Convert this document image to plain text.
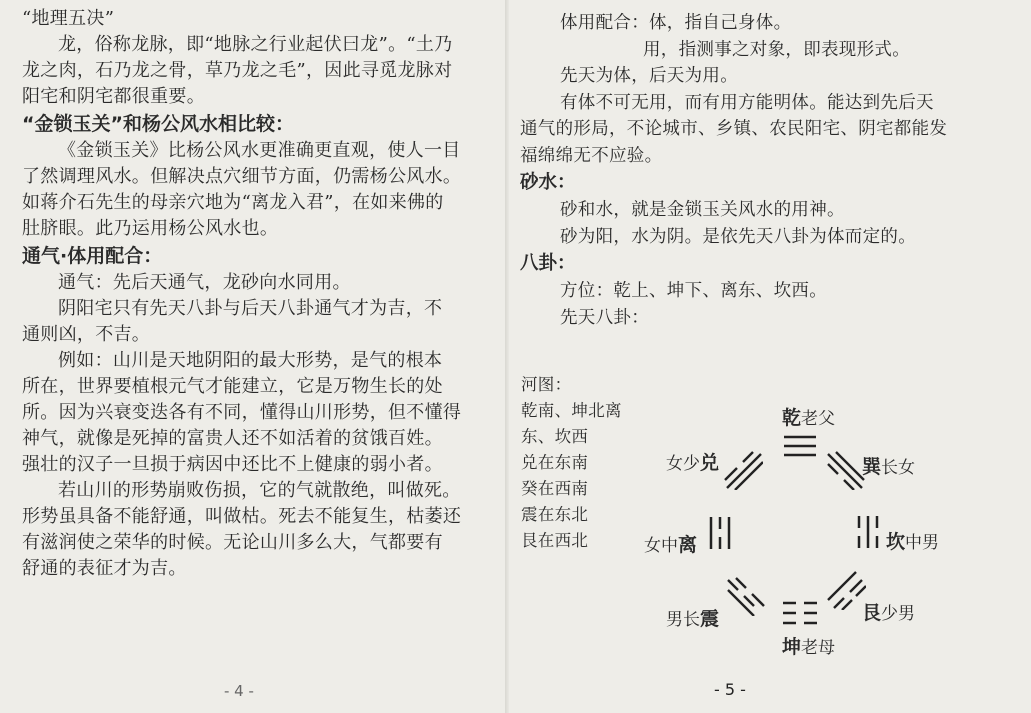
“地理五决”
龙，俗称龙脉，即“地脉之行业起伏曰龙”。“土乃
龙之肉，石乃龙之骨，草乃龙之毛”，因此寻觅龙脉对
阳宅和阴宅都很重要。
“金锁玉关”和杨公风水相比较：
《金锁玉关》比杨公风水更准确更直观，使人一目
了然调理风水。但解决点穴细节方面，仍需杨公风水。
如蒋介石先生的母亲穴地为“离龙入君”，在如来佛的
肚脐眼。此乃运用杨公风水也。
通气·体用配合：
通气：先后天通气，龙砂向水同用。
阴阳宅只有先天八卦与后天八卦通气才为吉，不
通则凶，不吉。
例如：山川是天地阴阳的最大形势，是气的根本
所在，世界要植根元气才能建立，它是万物生长的处
所。因为兴衰变迭各有不同，懂得山川形势，但不懂得
神气，就像是死掉的富贵人还不如活着的贫饿百姓。
强壮的汉子一旦损于病因中还比不上健康的弱小者。
若山川的形势崩败伤损，它的气就散绝，叫做死。
形势虽具备不能舒通，叫做枯。死去不能复生，枯萎还
有滋润使之荣华的时候。无论山川多么大，气都要有
舒通的表征才为吉。
- 4 -
体用配合：体，指自己身体。
用，指测事之对象，即表现形式。
先天为体，后天为用。
有体不可无用，而有用方能明体。能达到先后天
通气的形局，不论城市、乡镇、农民阳宅、阴宅都能发
福绵绵无不应验。
砂水：
砂和水，就是金锁玉关风水的用神。
砂为阳，水为阴。是依先天八卦为体而定的。
八卦：
方位：乾上、坤下、离东、坎西。
先天八卦：
河图：
乾南、坤北离
东、坎西
兑在东南
癸在西南
震在东北
艮在西北
乾老父
女少兑	巽长女
女中离	坎中男
男长震
坤老母
艮少男
- 5 -
